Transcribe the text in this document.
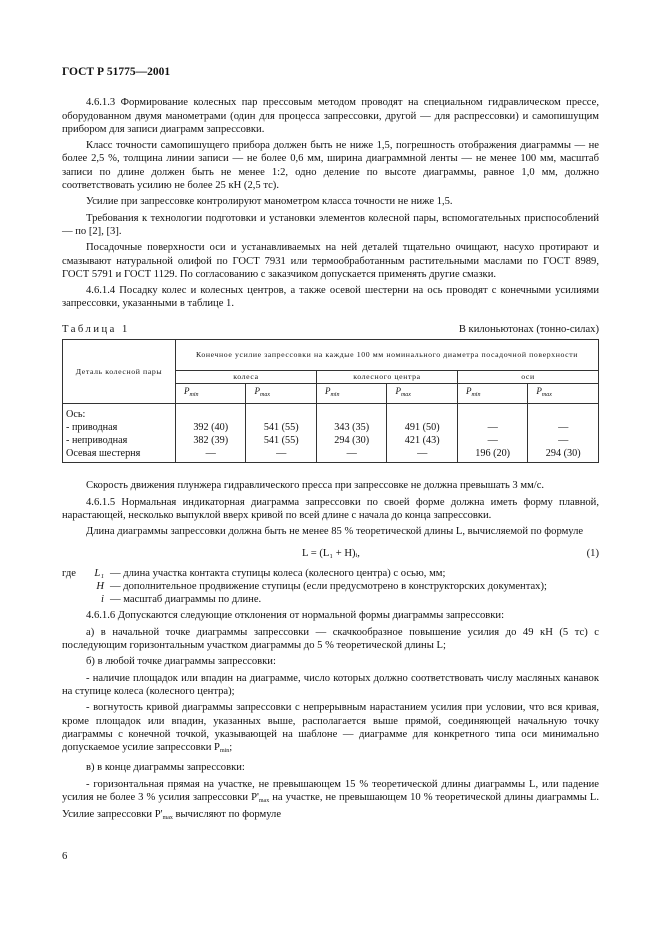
ГОСТ Р 51775—2001

4.6.1.3 Формирование колесных пар прессовым методом проводят на специальном гидравлическом прессе, оборудованном двумя манометрами (один для процесса запрессовки, другой — для распрессовки) и самопишущим прибором для записи диаграмм запрессовки.

Класс точности самопишущего прибора должен быть не ниже 1,5, погрешность отображения диаграммы — не более 2,5 %, толщина линии записи — не более 0,6 мм, ширина диаграммной ленты — не менее 100 мм, масштаб записи по длине должен быть не менее 1:2, одно деление по высоте диаграммы, равное 1,0 мм, должно соответствовать усилию не более 25 кН (2,5 тс).

Усилие при запрессовке контролируют манометром класса точности не ниже 1,5.

Требования к технологии подготовки и установки элементов колесной пары, вспомогательных приспособлений — по [2], [3].

Посадочные поверхности оси и устанавливаемых на ней деталей тщательно очищают, насухо протирают и смазывают натуральной олифой по ГОСТ 7931 или термообработанным растительными маслами по ГОСТ 8989, ГОСТ 5791 и ГОСТ 1129. По согласованию с заказчиком допускается применять другие смазки.

4.6.1.4 Посадку колес и колесных центров, а также осевой шестерни на ось проводят с конечными усилиями запрессовки, указанными в таблице 1.

Таблица 1	В килоньютонах (тонно-силах)
Деталь колесной пары	Конечное усилие запрессовки на каждые 100 мм номинального диаметра посадочной поверхности					
	колеса		колесного центра		оси	
	$P_{min}$	$P_{max}$	$P_{min}$	$P_{max}$	$P_{min}$	$P_{max}$
Ось:						
- приводная	392 (40)	541 (55)	343 (35)	491 (50)	—	—
- неприводная	382 (39)	541 (55)	294 (30)	421 (43)	—	—
Осевая шестерня	—	—	—	—	196 (20)	294 (30)

Скорость движения плунжера гидравлического пресса при запрессовке не должна превышать 3 мм/с.

4.6.1.5 Нормальная индикаторная диаграмма запрессовки по своей форме должна иметь форму плавной, нарастающей, несколько выпуклой вверх кривой по всей длине с начала до конца запрессовки.

Длина диаграммы запрессовки должна быть не менее 85 % теоретической длины L, вычисляемой по формуле

L = (L₁ + H)ᵢ,	(1)
где	L₁ — длина участка контакта ступицы колеса (колесного центра) с осью, мм;
H — дополнительное продвижение ступицы (если предусмотрено в конструкторских документах);
i — масштаб диаграммы по длине.

4.6.1.6 Допускаются следующие отклонения от нормальной формы диаграммы запрессовки:

а) в начальной точке диаграммы запрессовки — скачкообразное повышение усилия до 49 кН (5 тс) с последующим горизонтальным участком диаграммы до 5 % теоретической длины L;

б) в любой точке диаграммы запрессовки:

- наличие площадок или впадин на диаграмме, число которых должно соответствовать числу масляных канавок на ступице колеса (колесного центра);

- вогнутость кривой диаграммы запрессовки с непрерывным нарастанием усилия при условии, что вся кривая, кроме площадок или впадин, указанных выше, располагается выше прямой, соединяющей начальную точку диаграммы с конечной точкой, указывающей на шаблоне — диаграмме для конкретного типа оси минимально допускаемое усилие запрессовки $P_{min}$;

в) в конце диаграммы запрессовки:

- горизонтальная прямая на участке, не превышающем 15 % теоретической длины диаграммы L, или падение усилия не более 3 % усилия запрессовки $P'_{max}$ на участке, не превышающем 10 % теоретической длины диаграммы L. Усилие запрессовки $P'_{max}$ вычисляют по формуле

6
